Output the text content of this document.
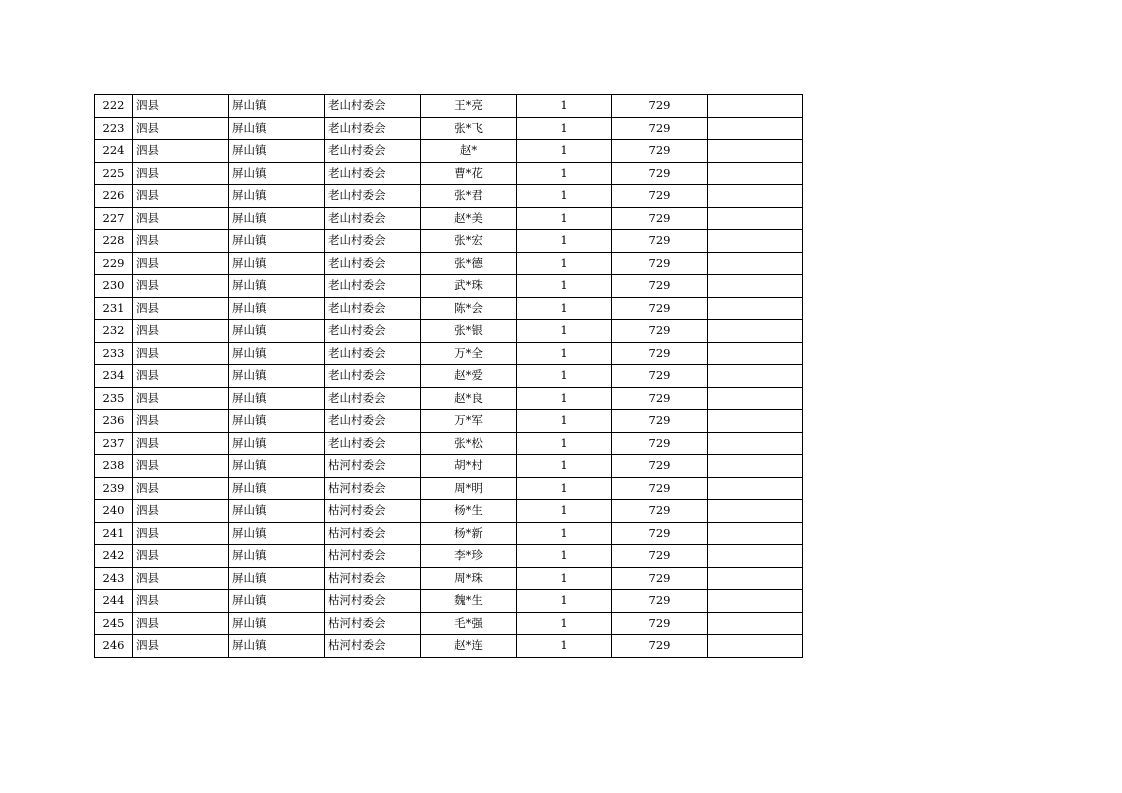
222	泗县	屏山镇	老山村委会	王*亮	1	729	
223	泗县	屏山镇	老山村委会	张*飞	1	729	
224	泗县	屏山镇	老山村委会	赵*	1	729	
225	泗县	屏山镇	老山村委会	曹*花	1	729	
226	泗县	屏山镇	老山村委会	张*君	1	729	
227	泗县	屏山镇	老山村委会	赵*美	1	729	
228	泗县	屏山镇	老山村委会	张*宏	1	729	
229	泗县	屏山镇	老山村委会	张*德	1	729	
230	泗县	屏山镇	老山村委会	武*珠	1	729	
231	泗县	屏山镇	老山村委会	陈*会	1	729	
232	泗县	屏山镇	老山村委会	张*银	1	729	
233	泗县	屏山镇	老山村委会	万*全	1	729	
234	泗县	屏山镇	老山村委会	赵*爱	1	729	
235	泗县	屏山镇	老山村委会	赵*良	1	729	
236	泗县	屏山镇	老山村委会	万*军	1	729	
237	泗县	屏山镇	老山村委会	张*松	1	729	
238	泗县	屏山镇	枯河村委会	胡*村	1	729	
239	泗县	屏山镇	枯河村委会	周*明	1	729	
240	泗县	屏山镇	枯河村委会	杨*生	1	729	
241	泗县	屏山镇	枯河村委会	杨*新	1	729	
242	泗县	屏山镇	枯河村委会	李*珍	1	729	
243	泗县	屏山镇	枯河村委会	周*珠	1	729	
244	泗县	屏山镇	枯河村委会	魏*生	1	729	
245	泗县	屏山镇	枯河村委会	毛*强	1	729	
246	泗县	屏山镇	枯河村委会	赵*连	1	729	
